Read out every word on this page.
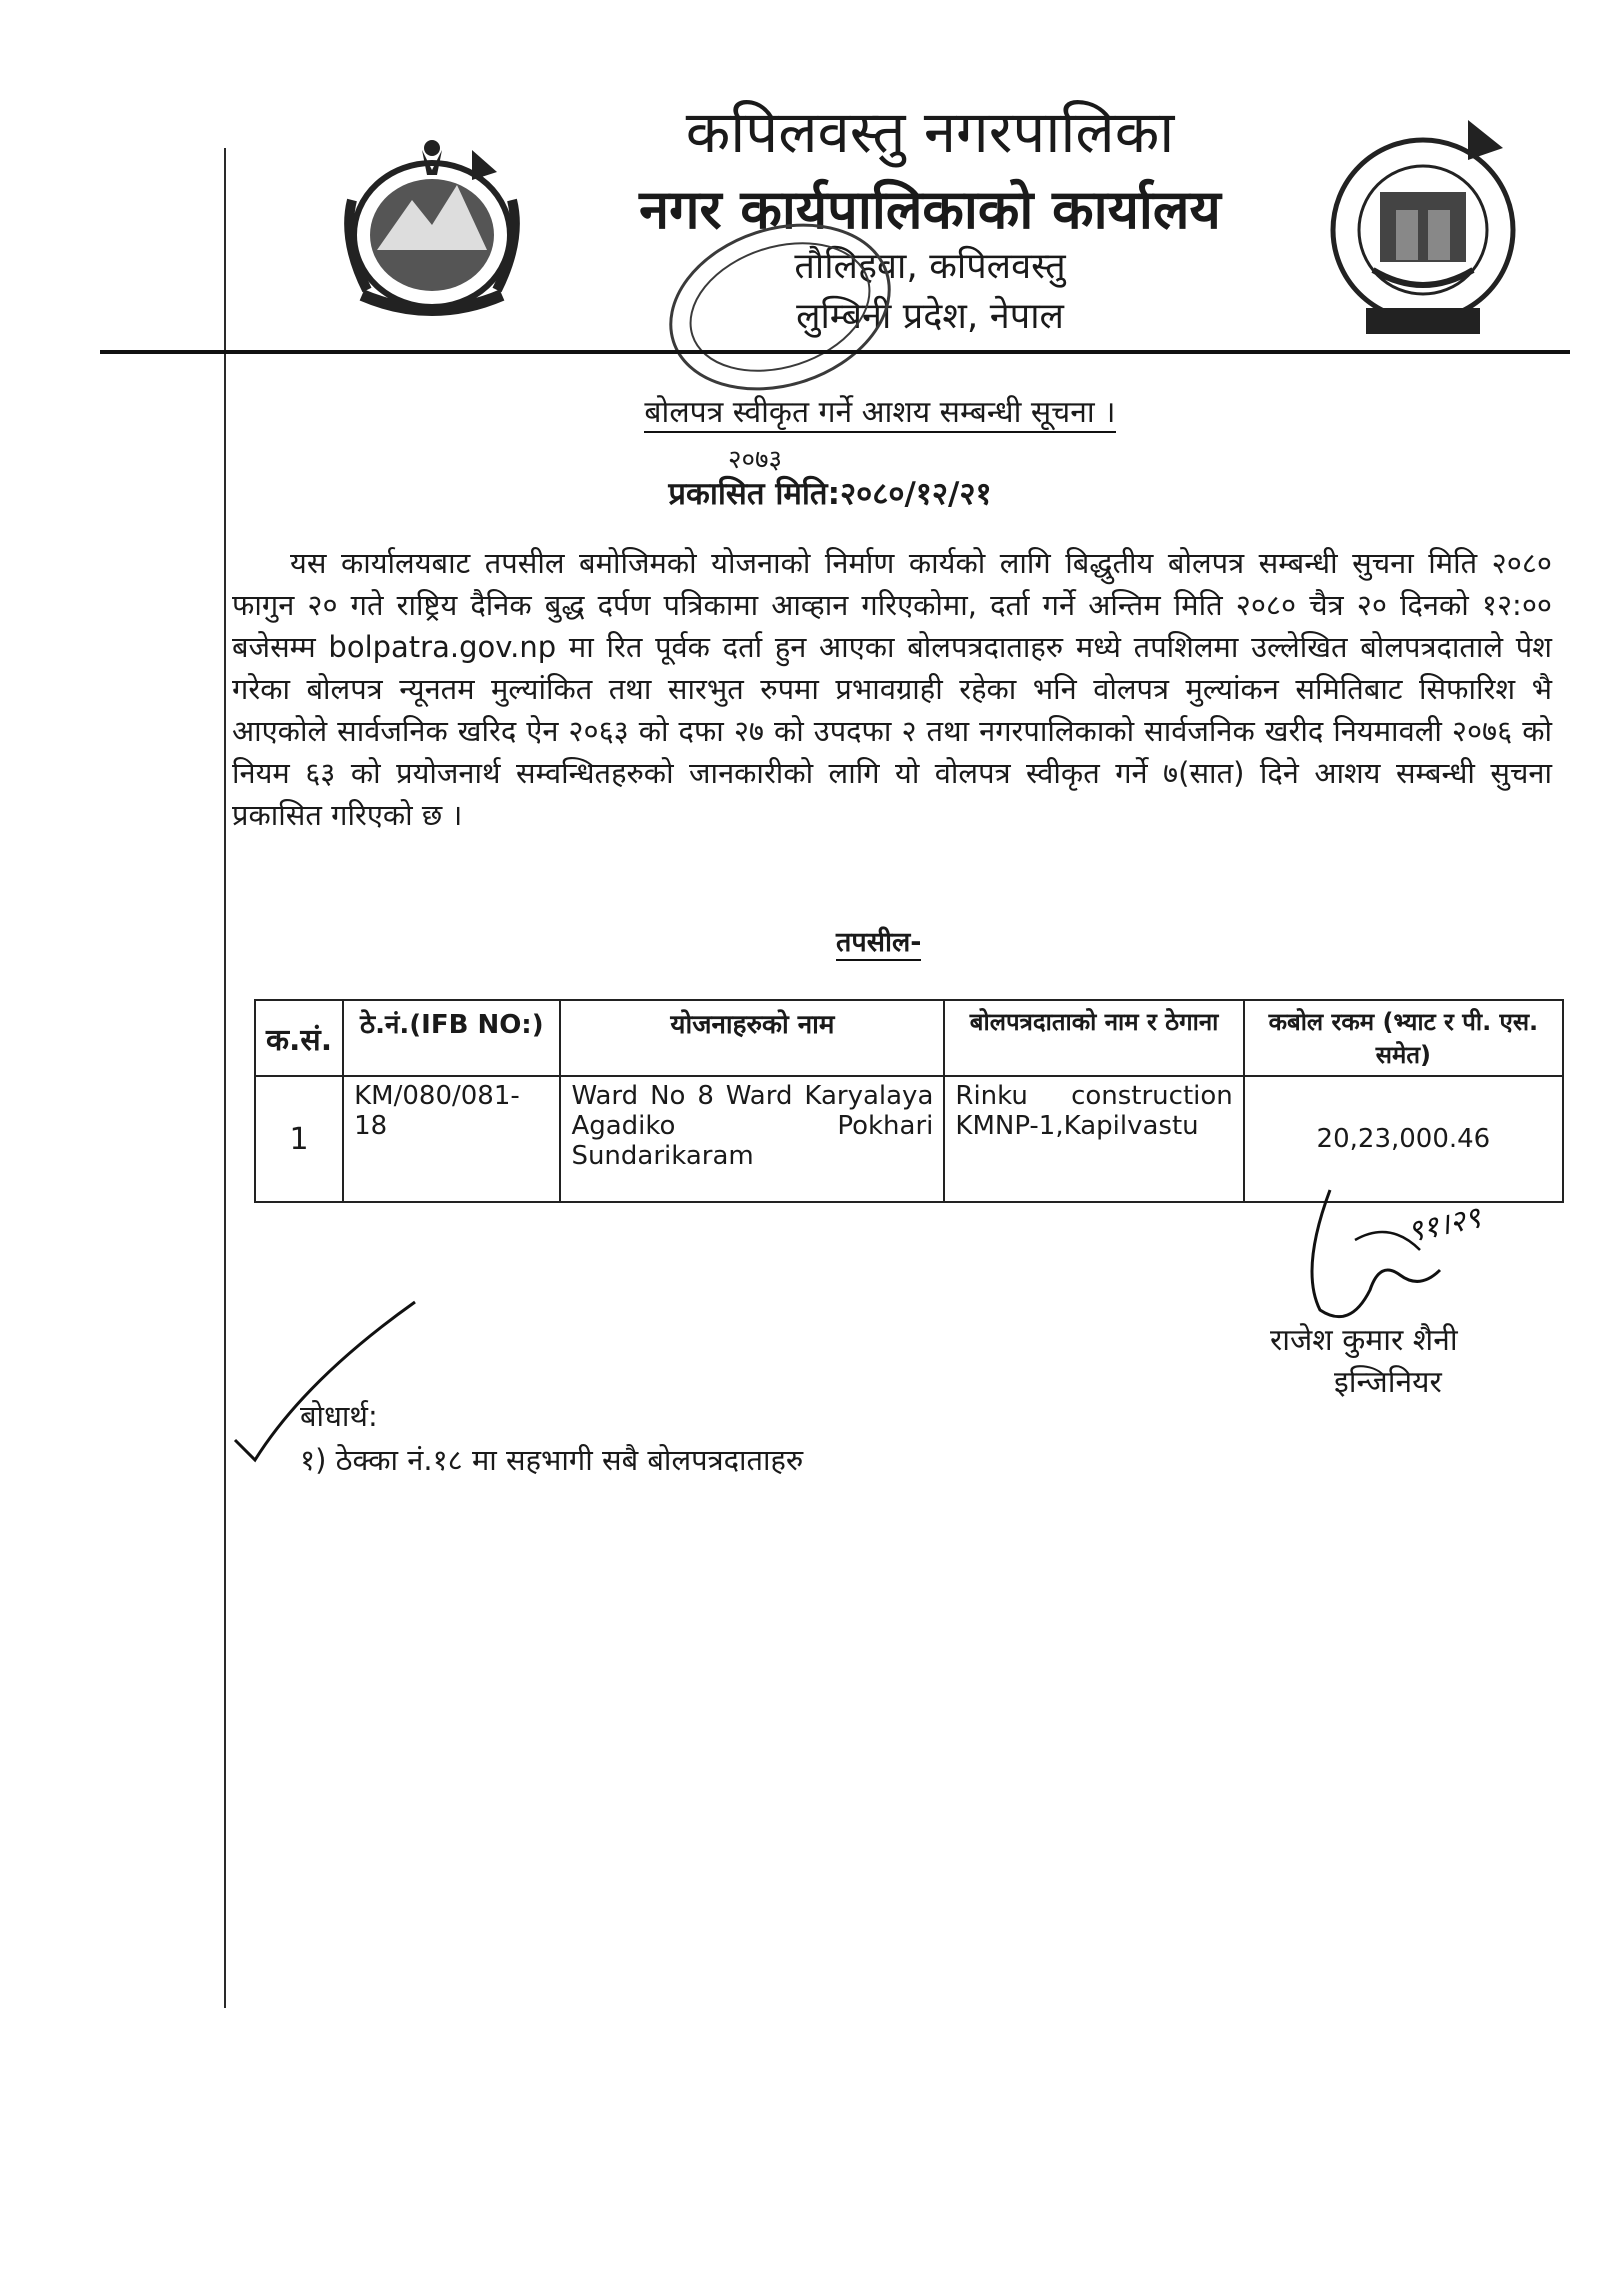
कपिलवस्तु नगरपालिका
नगर कार्यपालिकाको कार्यालय
तौलिहवा, कपिलवस्तु
लुम्बिनी प्रदेश, नेपाल
बोलपत्र स्वीकृत गर्ने आशय सम्बन्धी सूचना ।
२०७३
प्रकासित मिति:२०८०/१२/२१
यस कार्यालयबाट तपसील बमोजिमको योजनाको निर्माण कार्यको लागि बिद्धुतीय बोलपत्र सम्बन्धी सुचना मिति २०८० फागुन २० गते राष्ट्रिय दैनिक बुद्ध दर्पण पत्रिकामा आव्हान गरिएकोमा, दर्ता गर्ने अन्तिम मिति २०८० चैत्र २० दिनको १२:०० बजेसम्म bolpatra.gov.np मा रित पूर्वक दर्ता हुन आएका बोलपत्रदाताहरु मध्ये तपशिलमा उल्लेखित बोलपत्रदाताले पेश गरेका बोलपत्र न्यूनतम मुल्यांकित तथा सारभुत रुपमा प्रभावग्राही रहेका भनि वोलपत्र मुल्यांकन समितिबाट सिफारिश भै आएकोले सार्वजनिक खरिद ऐन २०६३ को दफा २७ को उपदफा २ तथा नगरपालिकाको सार्वजनिक खरीद नियमावली २०७६ को नियम ६३ को प्रयोजनार्थ सम्वन्धितहरुको जानकारीको लागि यो वोलपत्र स्वीकृत गर्ने ७(सात) दिने आशय सम्बन्धी सुचना प्रकासित गरिएको छ ।
तपसील-
क.सं.	ठे.नं.(IFB NO:)	योजनाहरुको नाम	बोलपत्रदाताको नाम र ठेगाना	कबोल रकम (भ्याट र पी. एस. समेत)
1	KM/080/081-18	Ward No 8 Ward Karyalaya Agadiko Pokhari Sundarikaram	Rinku construction KMNP-1,Kapilvastu	20,23,000.46
९१।२९
राजेश कुमार शैनी
इन्जिनियर
बोधार्थ:
१) ठेक्का नं.१८ मा सहभागी सबै बोलपत्रदाताहरु
